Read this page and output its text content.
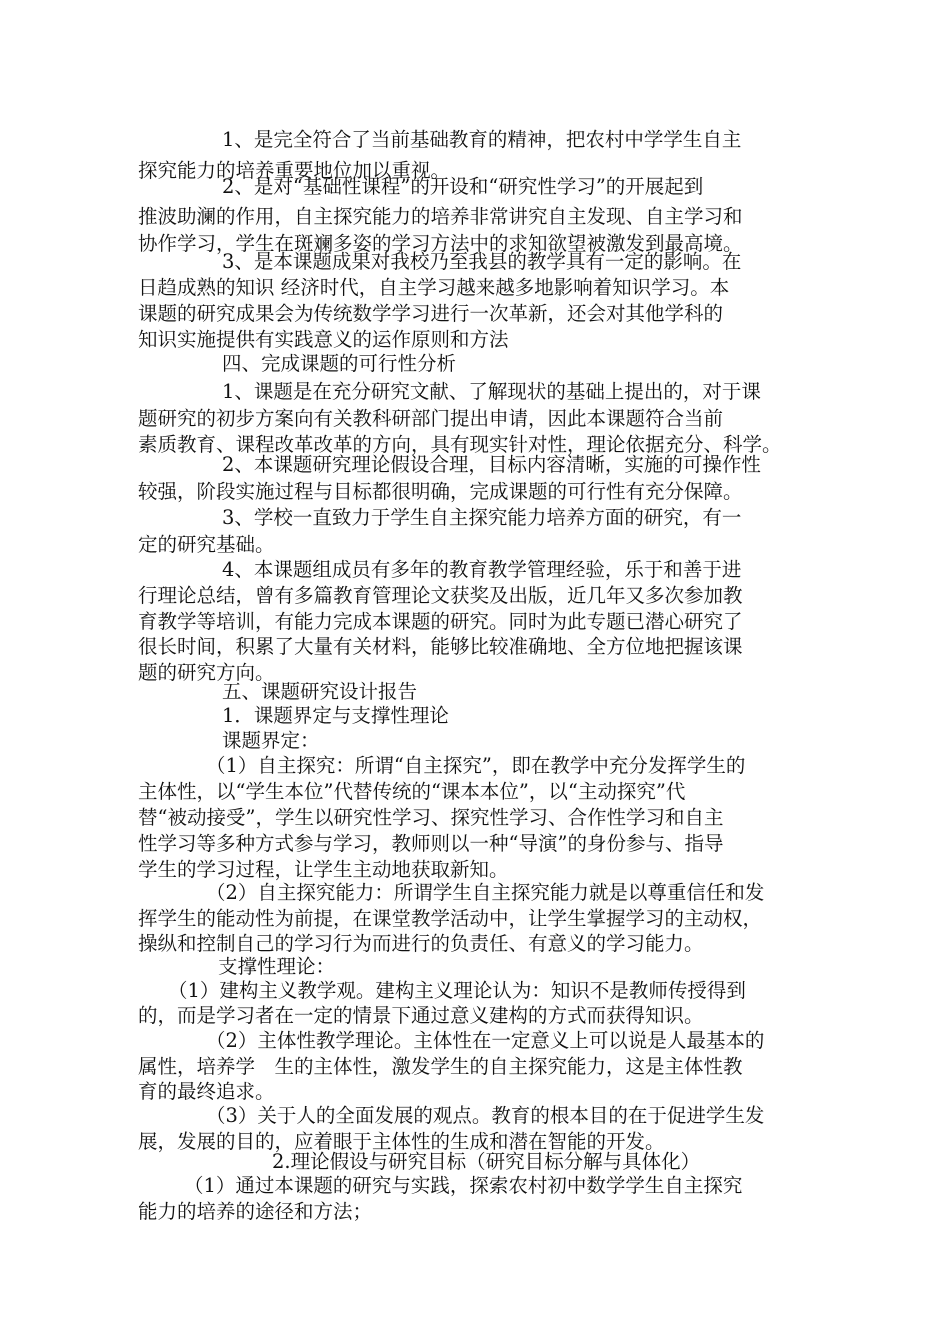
1、是完全符合了当前基础教育的精神，把农村中学学生自主
探究能力的培养重要地位加以重视。
2、是对“基础性课程”的开设和“研究性学习”的开展起到
推波助澜的作用，自主探究能力的培养非常讲究自主发现、自主学习和
协作学习，学生在斑斓多姿的学习方法中的求知欲望被激发到最高境。
3、是本课题成果对我校乃至我县的教学具有一定的影响。在
日趋成熟的知识 经济时代，自主学习越来越多地影响着知识学习。本
课题的研究成果会为传统数学学习进行一次革新，还会对其他学科的
知识实施提供有实践意义的运作原则和方法
四、完成课题的可行性分析
1、课题是在充分研究文献、了解现状的基础上提出的，对于课
题研究的初步方案向有关教科研部门提出申请，因此本课题符合当前
素质教育、课程改革改革的方向，具有现实针对性，理论依据充分、科学。
2、本课题研究理论假设合理，目标内容清晰，实施的可操作性
较强，阶段实施过程与目标都很明确，完成课题的可行性有充分保障。
3、学校一直致力于学生自主探究能力培养方面的研究，有一
定的研究基础。
4、本课题组成员有多年的教育教学管理经验，乐于和善于进
行理论总结，曾有多篇教育管理论文获奖及出版，近几年又多次参加教
育教学等培训，有能力完成本课题的研究。同时为此专题已潜心研究了
很长时间，积累了大量有关材料，能够比较准确地、全方位地把握该课
题的研究方向。
五、课题研究设计报告
1．课题界定与支撑性理论
课题界定：
（1）自主探究：所谓“自主探究”，即在教学中充分发挥学生的
主体性，以“学生本位”代替传统的“课本本位”，以“主动探究”代
替“被动接受”，学生以研究性学习、探究性学习、合作性学习和自主
性学习等多种方式参与学习，教师则以一种“导演”的身份参与、指导
学生的学习过程，让学生主动地获取新知。
（2）自主探究能力：所谓学生自主探究能力就是以尊重信任和发
挥学生的能动性为前提，在课堂教学活动中，让学生掌握学习的主动权，
操纵和控制自己的学习行为而进行的负责任、有意义的学习能力。
支撑性理论：
（1）建构主义教学观。建构主义理论认为：知识不是教师传授得到
的，而是学习者在一定的情景下通过意义建构的方式而获得知识。
（2）主体性教学理论。主体性在一定意义上可以说是人最基本的
属性，培养学　生的主体性，激发学生的自主探究能力，这是主体性教
育的最终追求。
（3）关于人的全面发展的观点。教育的根本目的在于促进学生发
展，发展的目的，应着眼于主体性的生成和潜在智能的开发。
2.理论假设与研究目标（研究目标分解与具体化）
（1）通过本课题的研究与实践，探索农村初中数学学生自主探究
能力的培养的途径和方法；
